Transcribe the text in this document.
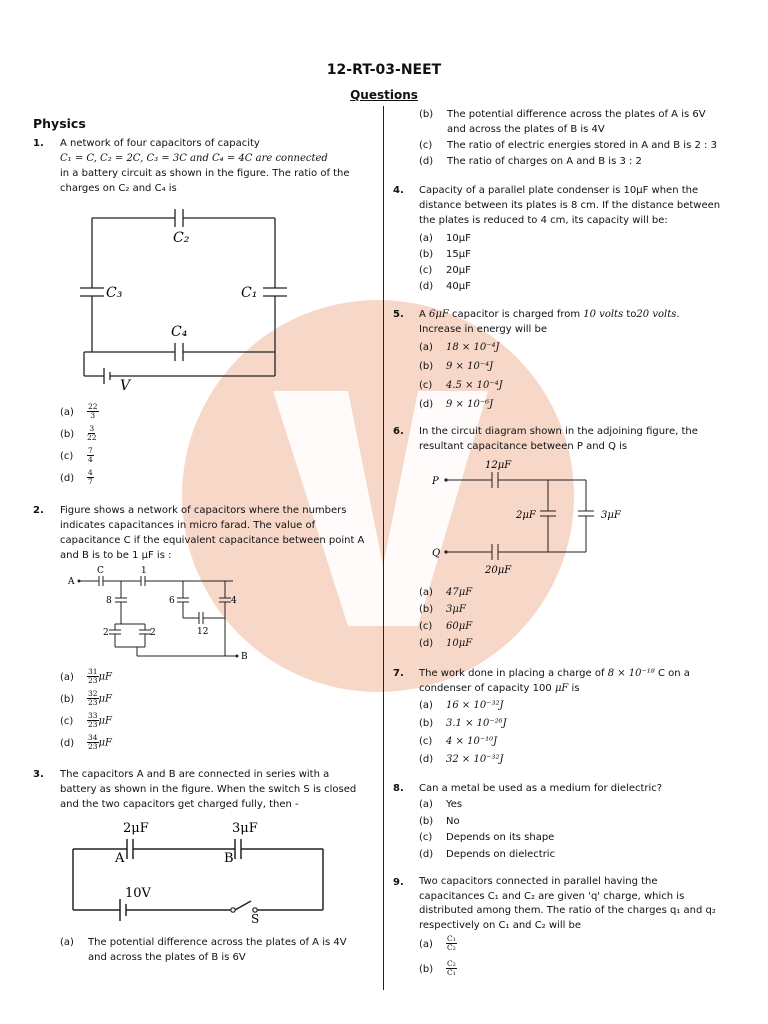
12-RT-03-NEET
Questions
Physics
1. A network of four capacitors of capacity
C₁ = C, C₂ = 2C, C₃ = 3C and C₄ = 4C are connected
in a battery circuit as shown in the figure. The ratio of the
charges on C₂ and C₄ is
C₂
C₃	C₁
C₄
V
$(a) \frac{22}{3}$
$(b) \frac{3}{22}$
$(c) \frac{7}{4}$
$(d) \frac{4}{7}$
2. Figure shows a network of capacitors where the numbers
indicates capacitances in micro farad. The value of
capacitance C if the equivalent capacitance between point A
and B is to be 1 μF is :
C	1
A
8	6	4
12
2	2
B
$(a) \frac{31}{23}$ μF
$(b) \frac{32}{23}$ μF
$(c) \frac{33}{23}$ μF
$(d) \frac{34}{23}$ μF
3. The capacitors A and B are connected in series with a
battery as shown in the figure. When the switch S is closed
and the two capacitors get charged fully, then -
2μF	3μF
A	B
10V
S
(a)	The potential difference across the plates of A is 4V
and across the plates of B is 6V
(b)	The potential difference across the plates of A is 6V
and across the plates of B is 4V
(c)	The ratio of electric energies stored in A and B is 2 : 3
(d)	The ratio of charges on A and B is 3 : 2
4. Capacity of a parallel plate condenser is 10μF when the
distance between its plates is 8 cm. If the distance between
the plates is reduced to 4 cm, its capacity will be:
(a) 10μF
(b) 15μF
(c) 20μF
(d) 40μF
5. A 6μF capacitor is charged from 10 volts to20 volts.
Increase in energy will be
(a) 18 × 10⁻⁴J
(b) 9 × 10⁻⁴J
(c) 4.5 × 10⁻⁴J
(d) 9 × 10⁻⁶J
6. In the circuit diagram shown in the adjoining figure, the
resultant capacitance between P and Q is
12μF
P
2μF	3μF
Q
20μF
(a) 47μF
(b) 3μF
(c) 60μF
(d) 10μF
7. The work done in placing a charge of 8 × 10⁻¹⁸ C on a
condenser of capacity 100 μF is
(a) 16 × 10⁻³²J
(b) 3.1 × 10⁻²⁶J
(c) 4 × 10⁻¹⁰J
(d) 32 × 10⁻³²J
8. Can a metal be used as a medium for dielectric?
(a) Yes
(b) No
(c) Depends on its shape
(d) Depends on dielectric
9. Two capacitors connected in parallel having the
capacitances C₁ and C₂ are given 'q' charge, which is
distributed among them. The ratio of the charges q₁ and q₂
respectively on C₁ and C₂ will be
$(a) \frac{\text{C₁}}{\text{C₂}}$
$(b) \frac{\text{C₂}}{\text{C₁}}$
